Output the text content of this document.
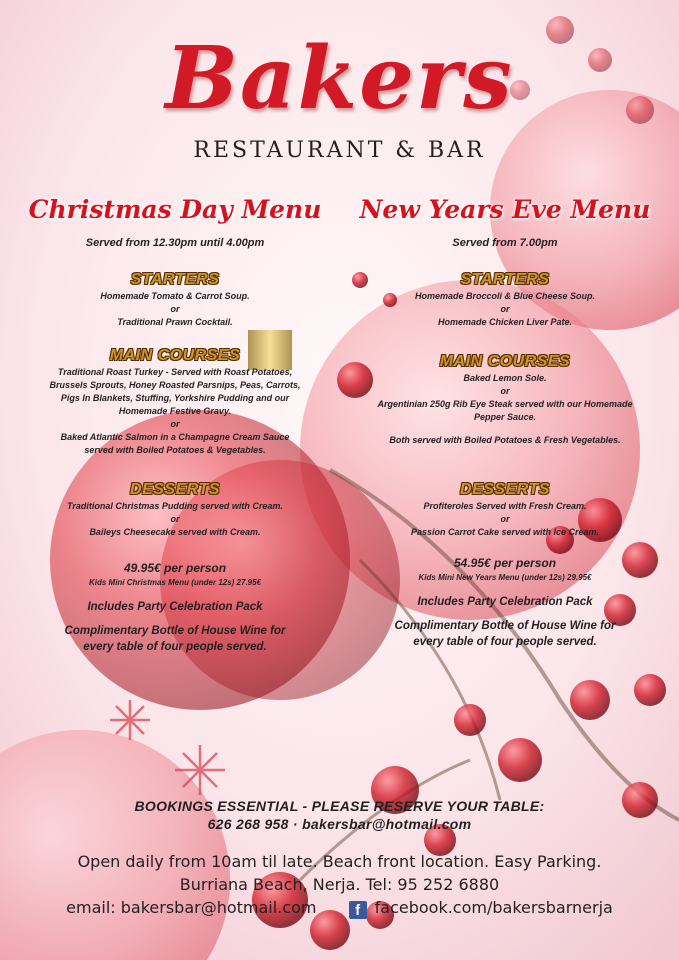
Bakers
RESTAURANT & BAR
Christmas Day Menu
Served from 12.30pm until 4.00pm
STARTERS
Homemade Tomato & Carrot Soup.
or
Traditional Prawn Cocktail.
MAIN COURSES
Traditional Roast Turkey - Served with Roast Potatoes,
Brussels Sprouts, Honey Roasted Parsnips, Peas, Carrots,
Pigs In Blankets, Stuffing, Yorkshire Pudding and our
Homemade Festive Gravy.
or
Baked Atlantic Salmon in a Champagne Cream Sauce
served with Boiled Potatoes & Vegetables.
DESSERTS
Traditional Christmas Pudding served with Cream.
or
Baileys Cheesecake served with Cream.
49.95€ per person
Kids Mini Christmas Menu (under 12s) 27.95€
Includes Party Celebration Pack
Complimentary Bottle of House Wine for
every table of four people served.
New Years Eve Menu
Served from 7.00pm
STARTERS
Homemade Broccoli & Blue Cheese Soup.
or
Homemade Chicken Liver Pate.
MAIN COURSES
Baked Lemon Sole.
or
Argentinian 250g Rib Eye Steak served with our Homemade
Pepper Sauce.
Both served with Boiled Potatoes & Fresh Vegetables.
DESSERTS
Profiteroles Served with Fresh Cream.
or
Passion Carrot Cake served with Ice Cream.
54.95€ per person
Kids Mini New Years Menu (under 12s) 29.95€
Includes Party Celebration Pack
Complimentary Bottle of House Wine for
every table of four people served.
BOOKINGS ESSENTIAL - PLEASE RESERVE YOUR TABLE:
626 268 958 · bakersbar@hotmail.com
Open daily from 10am til late. Beach front location. Easy Parking.
Burriana Beach, Nerja. Tel: 95 252 6880
email: bakersbar@hotmail.com	f facebook.com/bakersbarnerja
